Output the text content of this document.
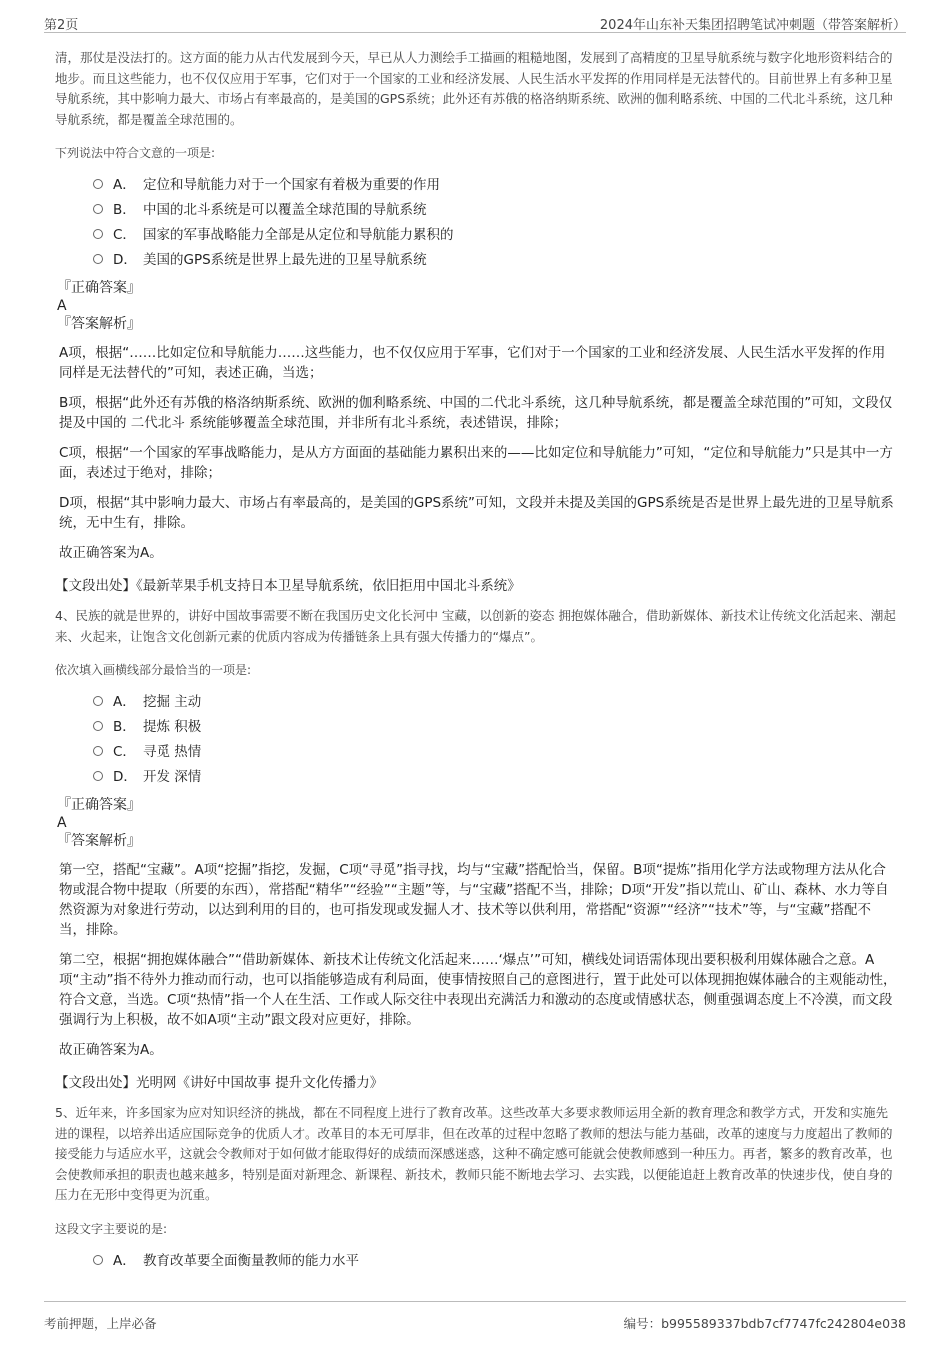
第2页	2024年山东补天集团招聘笔试冲刺题（带答案解析）

清，那仗是没法打的。这方面的能力从古代发展到今天，早已从人力测绘手工描画的粗糙地图，发展到了高精度的卫星导航系统与数字化地形资料结合的地步。而且这些能力，也不仅仅应用于军事，它们对于一个国家的工业和经济发展、人民生活水平发挥的作用同样是无法替代的。目前世界上有多种卫星导航系统，其中影响力最大、市场占有率最高的，是美国的GPS系统；此外还有苏俄的格洛纳斯系统、欧洲的伽利略系统、中国的二代北斗系统，这几种导航系统，都是覆盖全球范围的。

下列说法中符合文意的一项是:
A． 定位和导航能力对于一个国家有着极为重要的作用
B． 中国的北斗系统是可以覆盖全球范围的导航系统
C． 国家的军事战略能力全部是从定位和导航能力累积的
D． 美国的GPS系统是世界上最先进的卫星导航系统
『正确答案』
A
『答案解析』

A项，根据“……比如定位和导航能力……这些能力，也不仅仅应用于军事，它们对于一个国家的工业和经济发展、人民生活水平发挥的作用同样是无法替代的”可知，表述正确，当选；

B项，根据“此外还有苏俄的格洛纳斯系统、欧洲的伽利略系统、中国的二代北斗系统，这几种导航系统，都是覆盖全球范围的”可知，文段仅提及中国的 二代北斗 系统能够覆盖全球范围，并非所有北斗系统，表述错误，排除；

C项，根据“一个国家的军事战略能力，是从方方面面的基础能力累积出来的——比如定位和导航能力”可知，“定位和导航能力”只是其中一方面，表述过于绝对，排除；

D项，根据“其中影响力最大、市场占有率最高的，是美国的GPS系统”可知，文段并未提及美国的GPS系统是否是世界上最先进的卫星导航系统，无中生有，排除。

故正确答案为A。

【文段出处】《最新苹果手机支持日本卫星导航系统，依旧拒用中国北斗系统》

4、民族的就是世界的，讲好中国故事需要不断在我国历史文化长河中 宝藏，以创新的姿态 拥抱媒体融合，借助新媒体、新技术让传统文化活起来、潮起来、火起来，让饱含文化创新元素的优质内容成为传播链条上具有强大传播力的“爆点”。

依次填入画横线部分最恰当的一项是:
A． 挖掘 主动
B． 提炼 积极
C． 寻觅 热情
D． 开发 深情
『正确答案』
A
『答案解析』

第一空，搭配“宝藏”。A项“挖掘”指挖，发掘，C项“寻觅”指寻找，均与“宝藏”搭配恰当，保留。B项“提炼”指用化学方法或物理方法从化合物或混合物中提取（所要的东西），常搭配“精华”“经验”“主题”等，与“宝藏”搭配不当，排除；D项“开发”指以荒山、矿山、森林、水力等自然资源为对象进行劳动，以达到利用的目的，也可指发现或发掘人才、技术等以供利用，常搭配“资源”“经济”“技术”等，与“宝藏”搭配不当，排除。

第二空，根据“拥抱媒体融合”“借助新媒体、新技术让传统文化活起来……‘爆点’”可知，横线处词语需体现出要积极利用媒体融合之意。A项“主动”指不待外力推动而行动，也可以指能够造成有利局面，使事情按照自己的意图进行，置于此处可以体现拥抱媒体融合的主观能动性，符合文意，当选。C项“热情”指一个人在生活、工作或人际交往中表现出充满活力和激动的态度或情感状态，侧重强调态度上不冷漠，而文段强调行为上积极，故不如A项“主动”跟文段对应更好，排除。

故正确答案为A。

【文段出处】光明网《讲好中国故事 提升文化传播力》

5、近年来，许多国家为应对知识经济的挑战，都在不同程度上进行了教育改革。这些改革大多要求教师运用全新的教育理念和教学方式，开发和实施先进的课程，以培养出适应国际竞争的优质人才。改革目的本无可厚非，但在改革的过程中忽略了教师的想法与能力基础，改革的速度与力度超出了教师的接受能力与适应水平，这就会令教师对于如何做才能取得好的成绩而深感迷惑，这种不确定感可能就会使教师感到一种压力。再者，繁多的教育改革，也会使教师承担的职责也越来越多，特别是面对新理念、新课程、新技术，教师只能不断地去学习、去实践，以便能追赶上教育改革的快速步伐，使自身的压力在无形中变得更为沉重。

这段文字主要说的是:
A． 教育改革要全面衡量教师的能力水平
考前押题，上岸必备	编号：b995589337bdb7cf7747fc242804e038
